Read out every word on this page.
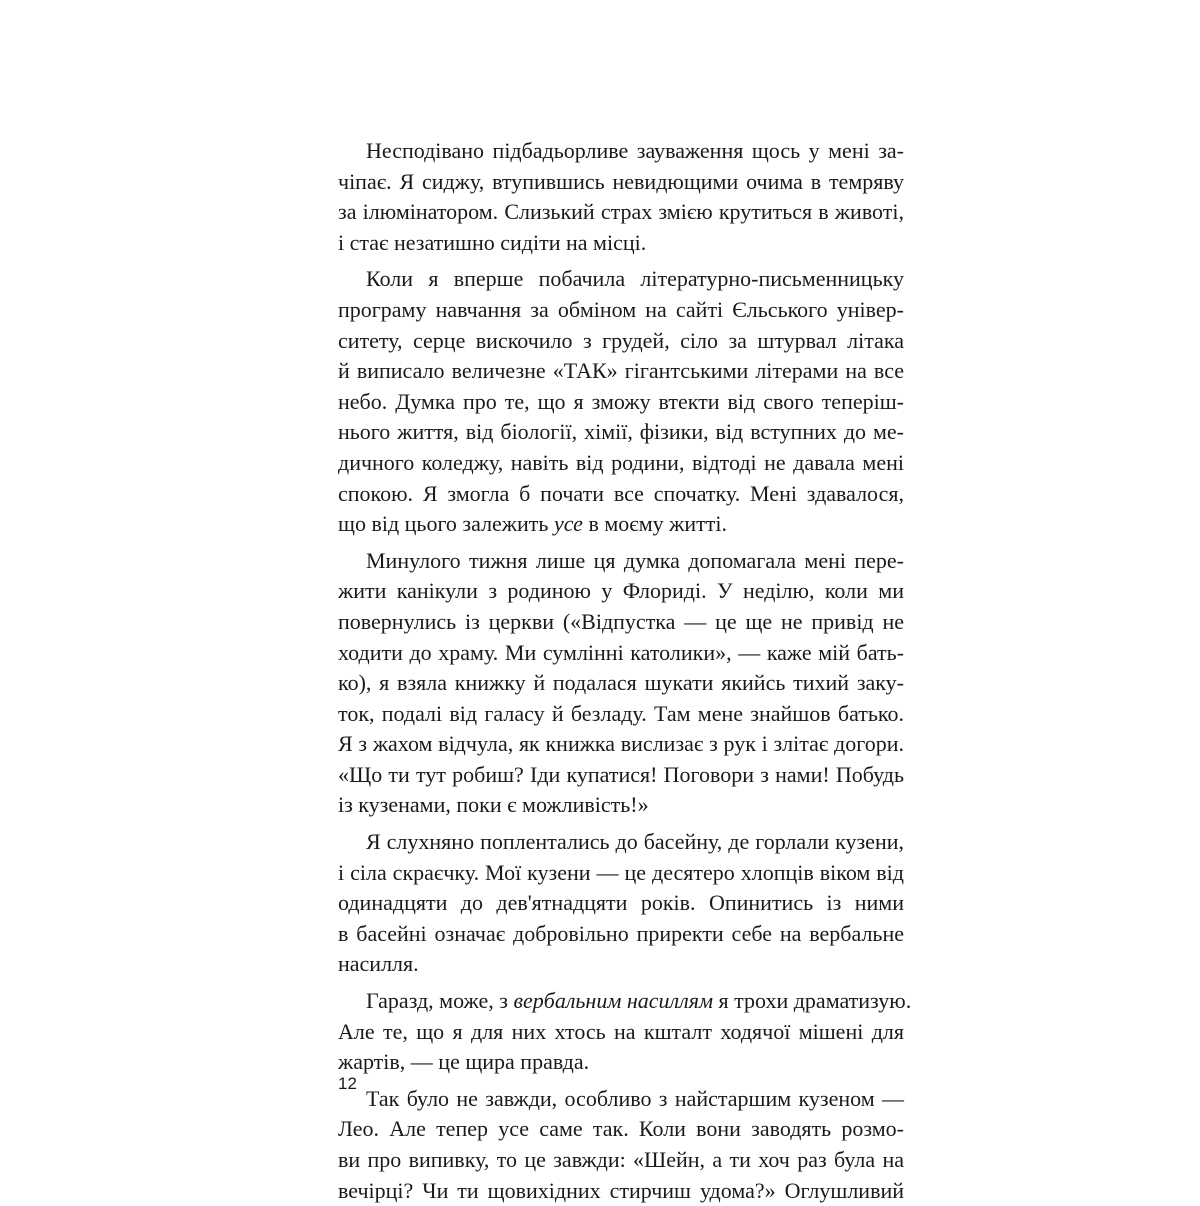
Несподівано підбадьорливе зауваження щось у мені за-
чіпає. Я сиджу, втупившись невидющими очима в темряву
за ілюмінатором. Слизький страх змією крутиться в животі,
і стає незатишно сидіти на місці.
Коли я вперше побачила літературно-письменницьку
програму навчання за обміном на сайті Єльського універ-
ситету, серце вискочило з грудей, сіло за штурвал літака
й виписало величезне «ТАК» гігантськими літерами на все
небо. Думка про те, що я зможу втекти від свого теперіш-
нього життя, від біології, хімії, фізики, від вступних до ме-
дичного коледжу, навіть від родини, відтоді не давала мені
спокою. Я змогла б почати все спочатку. Мені здавалося,
що від цього залежить усе в моєму житті.
Минулого тижня лише ця думка допомагала мені пере-
жити канікули з родиною у Флориді. У неділю, коли ми
повернулись із церкви («Відпустка — це ще не привід не
ходити до храму. Ми сумлінні католики», — каже мій бать-
ко), я взяла книжку й подалася шукати якийсь тихий заку-
ток, подалі від галасу й безладу. Там мене знайшов батько.
Я з жахом відчула, як книжка вислизає з рук і злітає догори.
«Що ти тут робиш? Іди купатися! Поговори з нами! Побудь
із кузенами, поки є можливість!»
Я слухняно поплентались до басейну, де горлали кузени,
і сіла скраєчку. Мої кузени — це десятеро хлопців віком від
одинадцяти до дев'ятнадцяти років. Опинитись із ними
в басейні означає добровільно приректи себе на вербальне
насилля.
Гаразд, може, з вербальним насиллям я трохи драматизую.
Але те, що я для них хтось на кшталт ходячої мішені для
жартів, — це щира правда.
Так було не завжди, особливо з найстаршим кузеном —
Лео. Але тепер усе саме так. Коли вони заводять розмо-
ви про випивку, то це завжди: «Шейн, а ти хоч раз була на
вечірці? Чи ти щовихідних стирчиш удома?» Оглушливий
12
